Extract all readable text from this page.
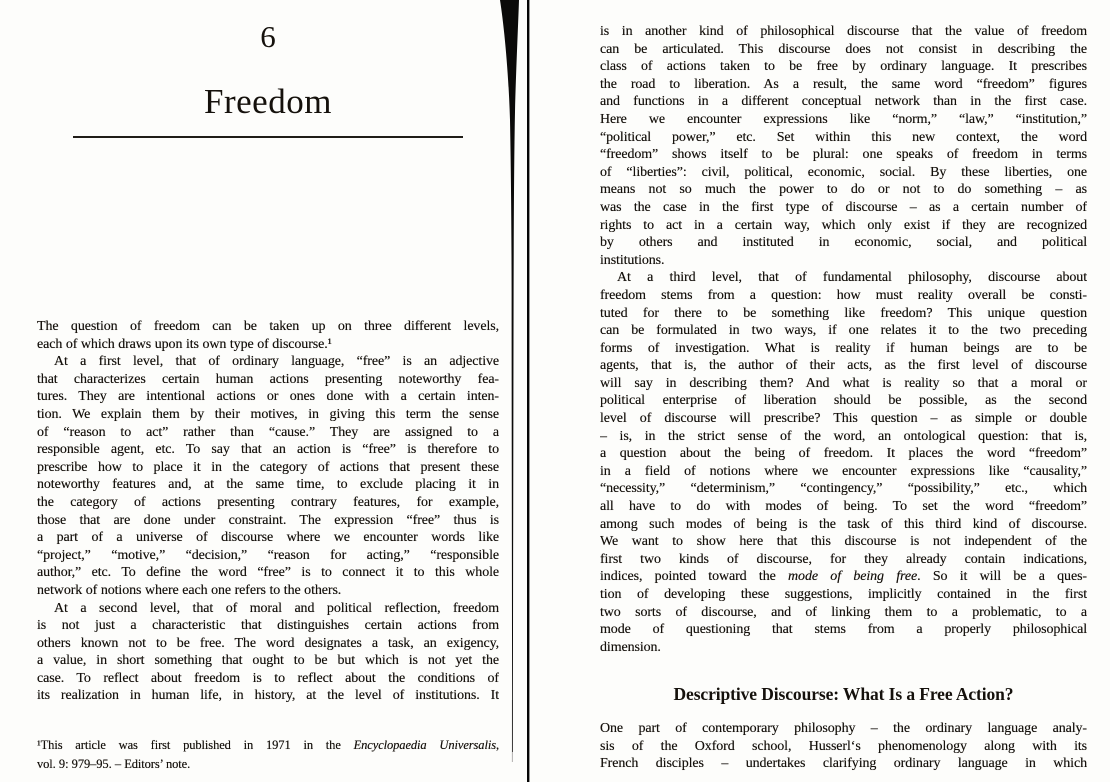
6
Freedom
The question of freedom can be taken up on three different levels,
each of which draws upon its own type of discourse.¹
At a first level, that of ordinary language, “free” is an adjective
that characterizes certain human actions presenting noteworthy fea-
tures. They are intentional actions or ones done with a certain inten-
tion. We explain them by their motives, in giving this term the sense
of “reason to act” rather than “cause.” They are assigned to a
responsible agent, etc. To say that an action is “free” is therefore to
prescribe how to place it in the category of actions that present these
noteworthy features and, at the same time, to exclude placing it in
the category of actions presenting contrary features, for example,
those that are done under constraint. The expression “free” thus is
a part of a universe of discourse where we encounter words like
“project,” “motive,” “decision,” “reason for acting,” “responsible
author,” etc. To define the word “free” is to connect it to this whole
network of notions where each one refers to the others.
At a second level, that of moral and political reflection, freedom
is not just a characteristic that distinguishes certain actions from
others known not to be free. The word designates a task, an exigency,
a value, in short something that ought to be but which is not yet the
case. To reflect about freedom is to reflect about the conditions of
its realization in human life, in history, at the level of institutions. It
¹This article was first published in 1971 in the Encyclopaedia Universalis,
vol. 9: 979–95. – Editors’ note.
is in another kind of philosophical discourse that the value of freedom
can be articulated. This discourse does not consist in describing the
class of actions taken to be free by ordinary language. It prescribes
the road to liberation. As a result, the same word “freedom” figures
and functions in a different conceptual network than in the first case.
Here we encounter expressions like “norm,” “law,” “institution,”
“political power,” etc. Set within this new context, the word
“freedom” shows itself to be plural: one speaks of freedom in terms
of “liberties”: civil, political, economic, social. By these liberties, one
means not so much the power to do or not to do something – as
was the case in the first type of discourse – as a certain number of
rights to act in a certain way, which only exist if they are recognized
by others and instituted in economic, social, and political
institutions.
At a third level, that of fundamental philosophy, discourse about
freedom stems from a question: how must reality overall be consti-
tuted for there to be something like freedom? This unique question
can be formulated in two ways, if one relates it to the two preceding
forms of investigation. What is reality if human beings are to be
agents, that is, the author of their acts, as the first level of discourse
will say in describing them? And what is reality so that a moral or
political enterprise of liberation should be possible, as the second
level of discourse will prescribe? This question – as simple or double
– is, in the strict sense of the word, an ontological question: that is,
a question about the being of freedom. It places the word “freedom”
in a field of notions where we encounter expressions like “causality,”
“necessity,” “determinism,” “contingency,” “possibility,” etc., which
all have to do with modes of being. To set the word “freedom”
among such modes of being is the task of this third kind of discourse.
We want to show here that this discourse is not independent of the
first two kinds of discourse, for they already contain indications,
indices, pointed toward the mode of being free. So it will be a ques-
tion of developing these suggestions, implicitly contained in the first
two sorts of discourse, and of linking them to a problematic, to a
mode of questioning that stems from a properly philosophical
dimension.
Descriptive Discourse: What Is a Free Action?
One part of contemporary philosophy – the ordinary language analy-
sis of the Oxford school, Husserl‘s phenomenology along with its
French disciples – undertakes clarifying ordinary language in which
